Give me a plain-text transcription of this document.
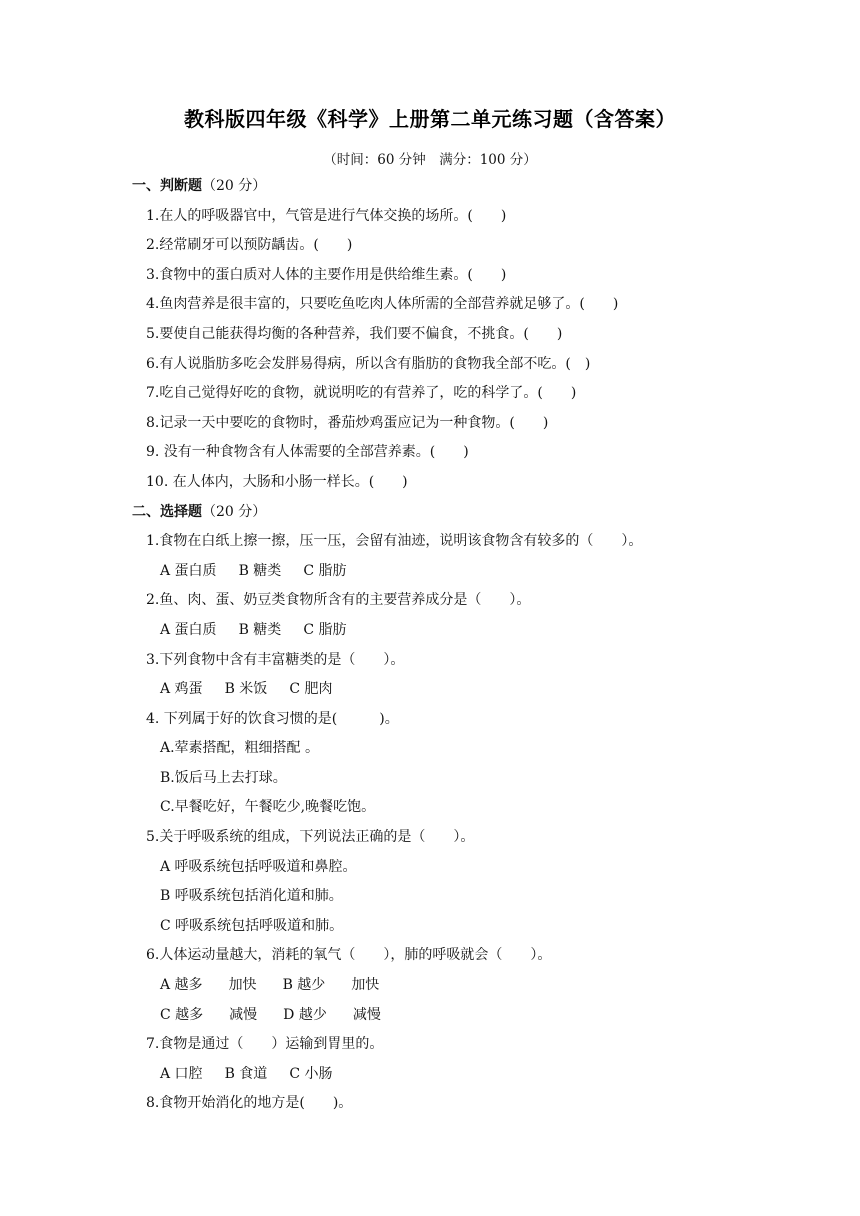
教科版四年级《科学》上册第二单元练习题（含答案）
（时间：60 分钟　满分：100 分）
一、判断题（20 分）
1.在人的呼吸器官中，气管是进行气体交换的场所。(　　)
2.经常刷牙可以预防龋齿。(　　)
3.食物中的蛋白质对人体的主要作用是供给维生素。(　　)
4.鱼肉营养是很丰富的，只要吃鱼吃肉人体所需的全部营养就足够了。(　　)
5.要使自己能获得均衡的各种营养，我们要不偏食，不挑食。(　　)
6.有人说脂肪多吃会发胖易得病，所以含有脂肪的食物我全部不吃。(　)
7.吃自己觉得好吃的食物，就说明吃的有营养了，吃的科学了。(　　)
8.记录一天中要吃的食物时，番茄炒鸡蛋应记为一种食物。(　　)
9. 没有一种食物含有人体需要的全部营养素。(　　)
10. 在人体内，大肠和小肠一样长。(　　)
二、选择题（20 分）
1.食物在白纸上擦一擦，压一压，会留有油迹，说明该食物含有较多的（　　）。
A 蛋白质 B 糖类 C 脂肪
2.鱼、肉、蛋、奶豆类食物所含有的主要营养成分是（　　）。
A 蛋白质 B 糖类 C 脂肪
3.下列食物中含有丰富糖类的是（　　）。
A 鸡蛋 B 米饭 C 肥肉
4. 下列属于好的饮食习惯的是(　　　)。
A.荤素搭配，粗细搭配 。
B.饭后马上去打球。
C.早餐吃好，午餐吃少,晚餐吃饱。
5.关于呼吸系统的组成，下列说法正确的是（　　）。
A 呼吸系统包括呼吸道和鼻腔。
B 呼吸系统包括消化道和肺。
C 呼吸系统包括呼吸道和肺。
6.人体运动量越大，消耗的氧气（　　），肺的呼吸就会（　　）。
A 越多 加快 B 越少 加快
C 越多 减慢 D 越少 减慢
7.食物是通过（　　）运输到胃里的。
A 口腔 B 食道 C 小肠
8.食物开始消化的地方是(　　)。
